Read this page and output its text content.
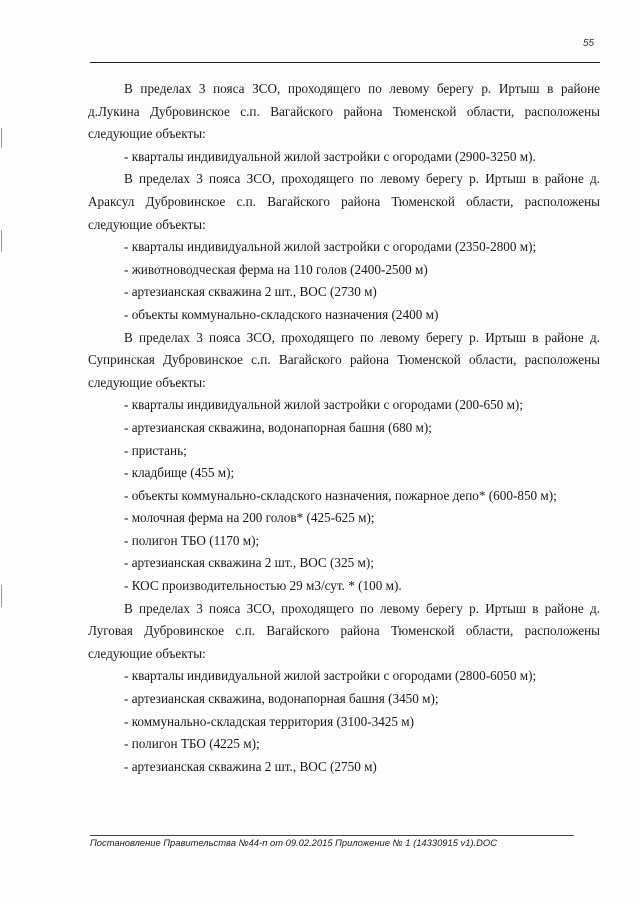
55

В пределах 3 пояса ЗСО, проходящего по левому берегу р. Иртыш в районе д.Лукина Дубровинское с.п. Вагайского района Тюменской области, расположены следующие объекты:

- кварталы индивидуальной жилой застройки с огородами (2900-3250 м).

В пределах 3 пояса ЗСО, проходящего по левому берегу р. Иртыш в районе д. Араксул Дубровинское с.п. Вагайского района Тюменской области, расположены следующие объекты:

- кварталы индивидуальной жилой застройки с огородами (2350-2800 м);

- животноводческая ферма на 110 голов (2400-2500 м)

- артезианская скважина 2 шт., ВОС (2730 м)

- объекты коммунально-складского назначения (2400 м)

В пределах 3 пояса ЗСО, проходящего по левому берегу р. Иртыш в районе д. Супринская Дубровинское с.п. Вагайского района Тюменской области, расположены следующие объекты:

- кварталы индивидуальной жилой застройки с огородами (200-650 м);

- артезианская скважина, водонапорная башня (680 м);

- пристань;

- кладбище (455 м);

- объекты коммунально-складского назначения, пожарное депо* (600-850 м);

- молочная ферма на 200 голов* (425-625 м);

- полигон ТБО (1170 м);

- артезианская скважина 2 шт., ВОС (325 м);

- КОС производительностью 29 м3/сут. * (100 м).

В пределах 3 пояса ЗСО, проходящего по левому берегу р. Иртыш в районе д. Луговая Дубровинское с.п. Вагайского района Тюменской области, расположены следующие объекты:

- кварталы индивидуальной жилой застройки с огородами (2800-6050 м);

- артезианская скважина, водонапорная башня (3450 м);

- коммунально-складская территория (3100-3425 м)

- полигон ТБО (4225 м);

- артезианская скважина 2 шт., ВОС (2750 м)

Постановление Правительства №44-п от 09.02.2015 Приложение № 1 (14330915 v1).DOC
